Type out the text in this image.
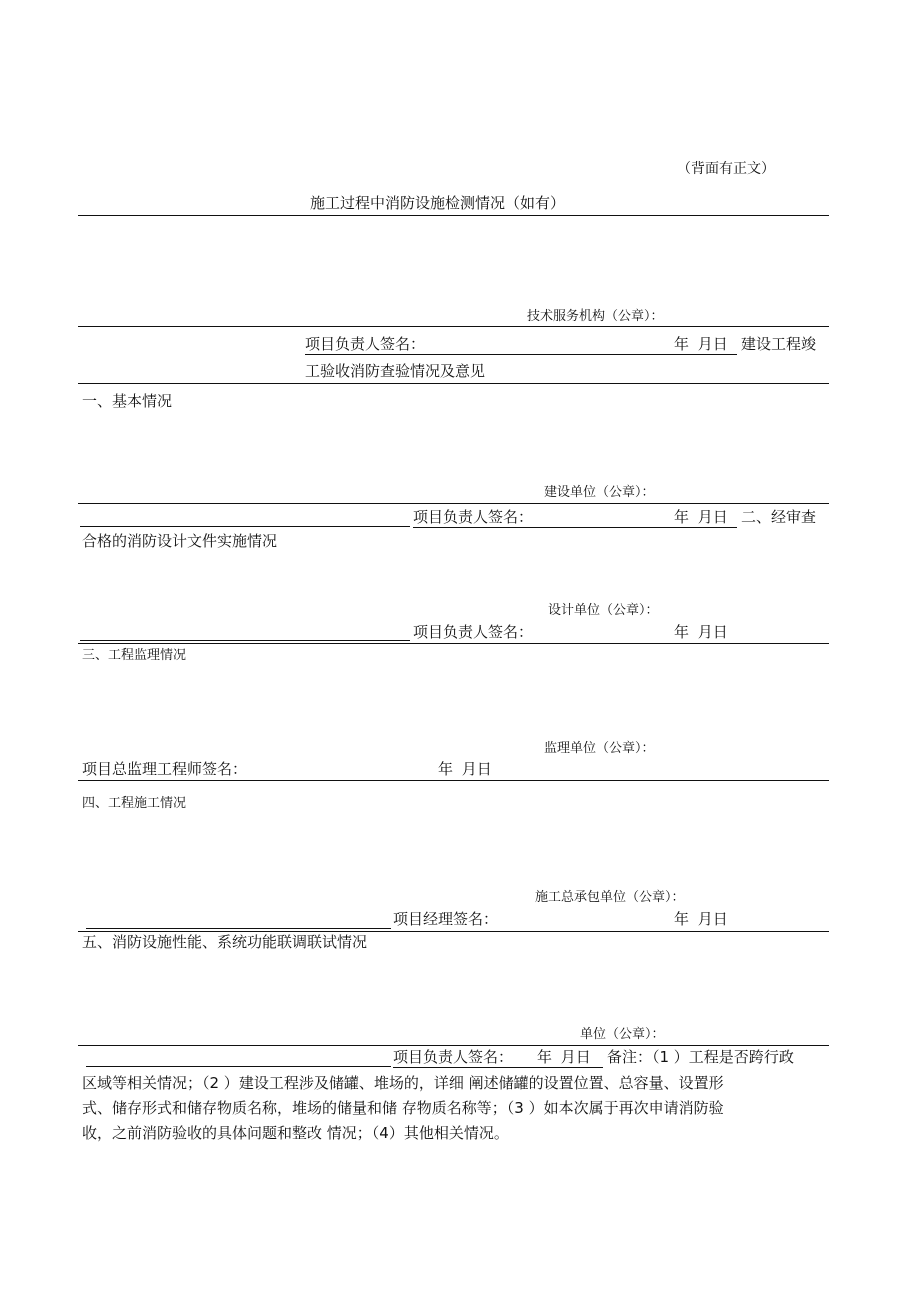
（背面有正文）
施工过程中消防设施检测情况（如有）
技术服务机构（公章）：
项目负责人签名：	年 月日 建设工程竣
工验收消防查验情况及意见
一、基本情况
建设单位（公章）：
项目负责人签名：	年 月日 二、经审查
合格的消防设计文件实施情况
设计单位（公章）：
项目负责人签名：	年 月日
三、工程监理情况
监理单位（公章）：
项目总监理工程师签名：	年 月日
四、工程施工情况
施工总承包单位（公章）：
项目经理签名：	年 月日
五、消防设施性能、系统功能联调联试情况
单位（公章）：
项目负责人签名： 年 月日 备注：（1 ）工程是否跨行政
区域等相关情况；（2 ）建设工程涉及储罐、堆场的，详细 阐述储罐的设置位置、总容量、设置形
式、储存形式和储存物质名称，堆场的储量和储 存物质名称等；（3 ）如本次属于再次申请消防验
收，之前消防验收的具体问题和整改 情况；（4）其他相关情况。
